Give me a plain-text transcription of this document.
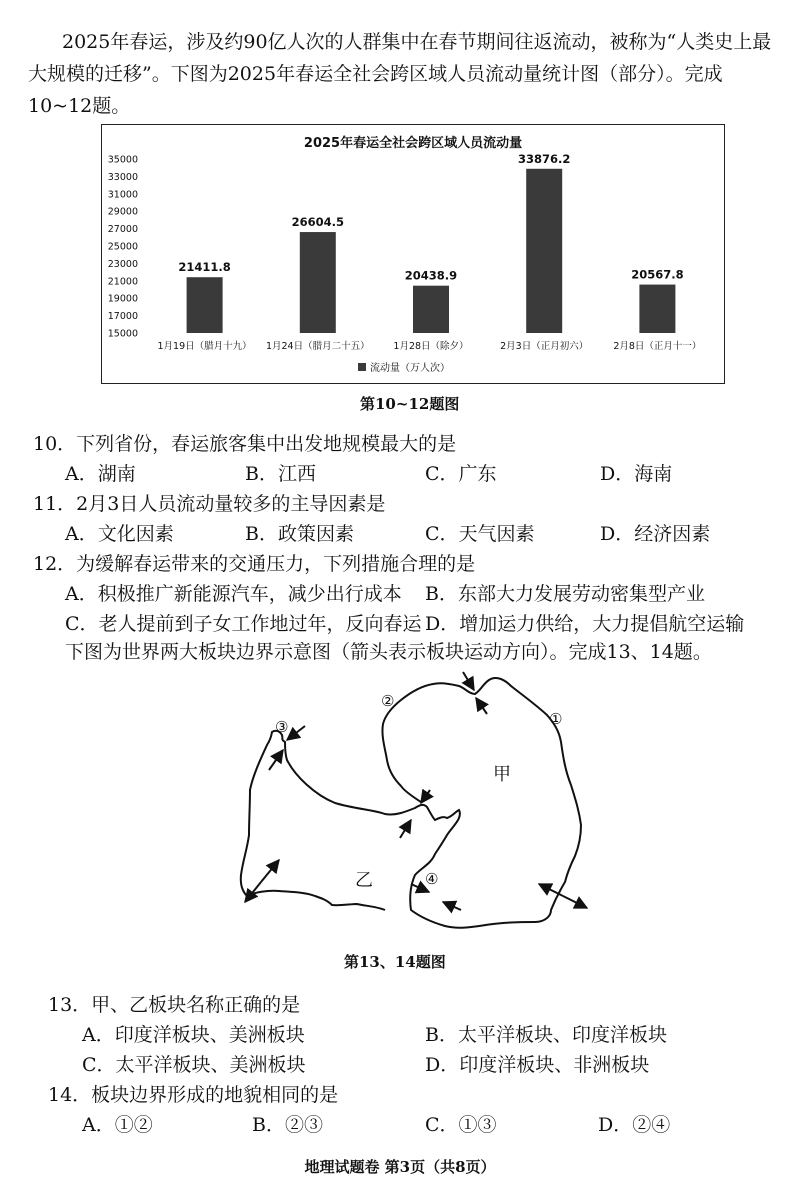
2025年春运，涉及约90亿人次的人群集中在春节期间往返流动，被称为“人类史上最
大规模的迁移”。下图为2025年春运全社会跨区域人员流动量统计图（部分）。完成
10~12题。
2025年春运全社会跨区域人员流动量
15000
17000
19000
21000
23000
25000
27000
29000
31000
33000
35000
21411.8
26604.5
20438.9
33876.2
20567.8
1月19日（腊月十九） 1月24日（腊月二十五）	1月28日（除夕）	2月3日（正月初六）	2月8日（正月十一）
流动量（万人次）
第10~12题图
10．下列省份，春运旅客集中出发地规模最大的是
A．湖南	B．江西	C．广东	D．海南
11．2月3日人员流动量较多的主导因素是
A．文化因素	B．政策因素	C．天气因素	D．经济因素
12．为缓解春运带来的交通压力，下列措施合理的是
A．积极推广新能源汽车，减少出行成本 B．东部大力发展劳动密集型产业
C．老人提前到子女工作地过年，反向春运 D．增加运力供给，大力提倡航空运输
下图为世界两大板块边界示意图（箭头表示板块运动方向）。完成13、14题。
甲
乙
①
②
③
④
第13、14题图
13．甲、乙板块名称正确的是
A．印度洋板块、美洲板块	B．太平洋板块、印度洋板块
C．太平洋板块、美洲板块	D．印度洋板块、非洲板块
14．板块边界形成的地貌相同的是
A．①②	B．②③	C．①③	D．②④
地理试题卷 第3页（共8页）
